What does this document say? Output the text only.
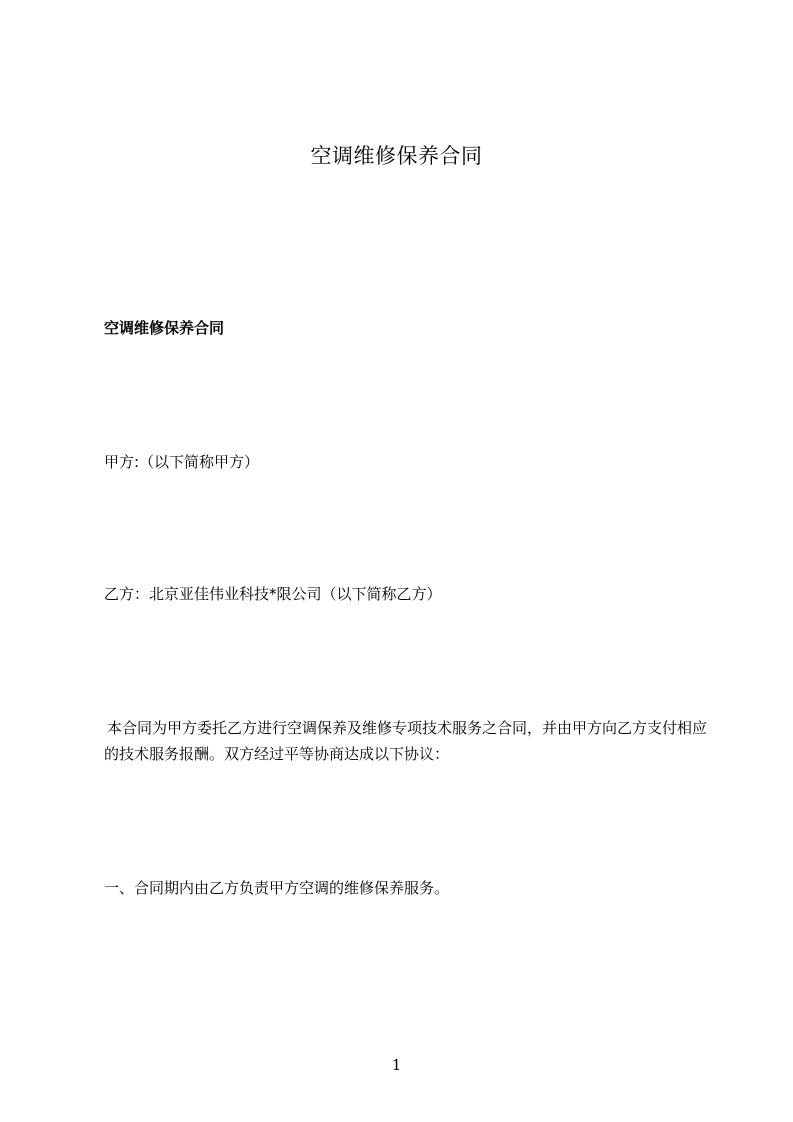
空调维修保养合同
空调维修保养合同

甲方:（以下简称甲方）

乙方：北京亚佳伟业科技*限公司（以下简称乙方）

本合同为甲方委托乙方进行空调保养及维修专项技术服务之合同，并由甲方向乙方支付相应的技术服务报酬。双方经过平等协商达成以下协议：

一、合同期内由乙方负责甲方空调的维修保养服务。

1
